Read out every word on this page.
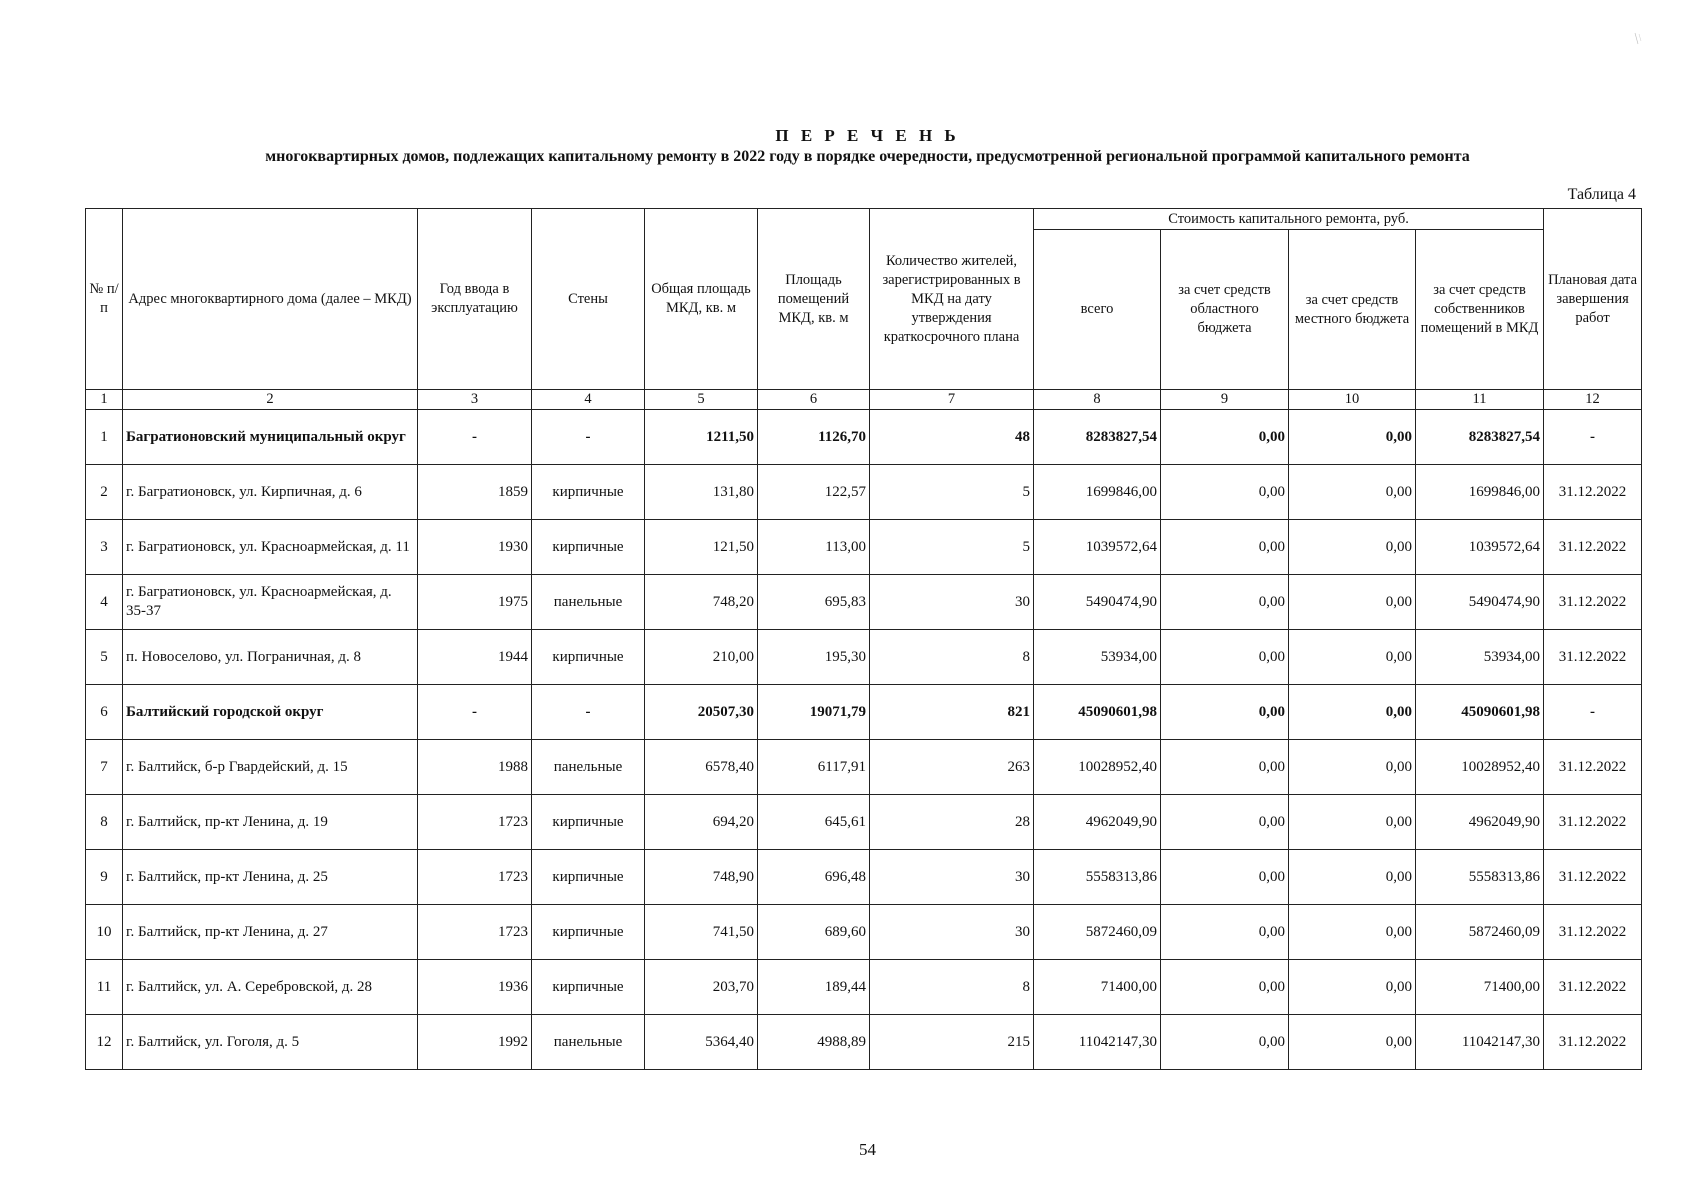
П Е Р Е Ч Е Н Ь
многоквартирных домов, подлежащих капитальному ремонту в 2022 году в порядке очередности, предусмотренной региональной программой капитального ремонта
Таблица 4
№ п/п	Адрес многоквартирного дома (далее – МКД)	Год ввода в эксплуатацию	Стены	Общая площадь МКД, кв. м	Площадь помещений МКД, кв. м	Количество жителей, зарегистрированных в МКД на дату утверждения краткосрочного плана	Стоимость капитального ремонта, руб.				Плановая дата завершения работ
							всего	за счет средств областного бюджета	за счет средств местного бюджета	за счет средств собственников помещений в МКД	
1	2	3	4	5	6	7	8	9	10	11	12
1	Багратионовский муниципальный округ	-	-	1211,50	1126,70	48	8283827,54	0,00	0,00	8283827,54	-
2	г. Багратионовск, ул. Кирпичная, д. 6	1859	кирпичные	131,80	122,57	5	1699846,00	0,00	0,00	1699846,00	31.12.2022
3	г. Багратионовск, ул. Красноармейская, д. 11	1930	кирпичные	121,50	113,00	5	1039572,64	0,00	0,00	1039572,64	31.12.2022
4	г. Багратионовск, ул. Красноармейская, д. 35-37	1975	панельные	748,20	695,83	30	5490474,90	0,00	0,00	5490474,90	31.12.2022
5	п. Новоселово, ул. Пограничная, д. 8	1944	кирпичные	210,00	195,30	8	53934,00	0,00	0,00	53934,00	31.12.2022
6	Балтийский городской округ	-	-	20507,30	19071,79	821	45090601,98	0,00	0,00	45090601,98	-
7	г. Балтийск, б-р Гвардейский, д. 15	1988	панельные	6578,40	6117,91	263	10028952,40	0,00	0,00	10028952,40	31.12.2022
8	г. Балтийск, пр-кт Ленина, д. 19	1723	кирпичные	694,20	645,61	28	4962049,90	0,00	0,00	4962049,90	31.12.2022
9	г. Балтийск, пр-кт Ленина, д. 25	1723	кирпичные	748,90	696,48	30	5558313,86	0,00	0,00	5558313,86	31.12.2022
10	г. Балтийск, пр-кт Ленина, д. 27	1723	кирпичные	741,50	689,60	30	5872460,09	0,00	0,00	5872460,09	31.12.2022
11	г. Балтийск, ул. А. Серебровской, д. 28	1936	кирпичные	203,70	189,44	8	71400,00	0,00	0,00	71400,00	31.12.2022
12	г. Балтийск, ул. Гоголя, д. 5	1992	панельные	5364,40	4988,89	215	11042147,30	0,00	0,00	11042147,30	31.12.2022
54
